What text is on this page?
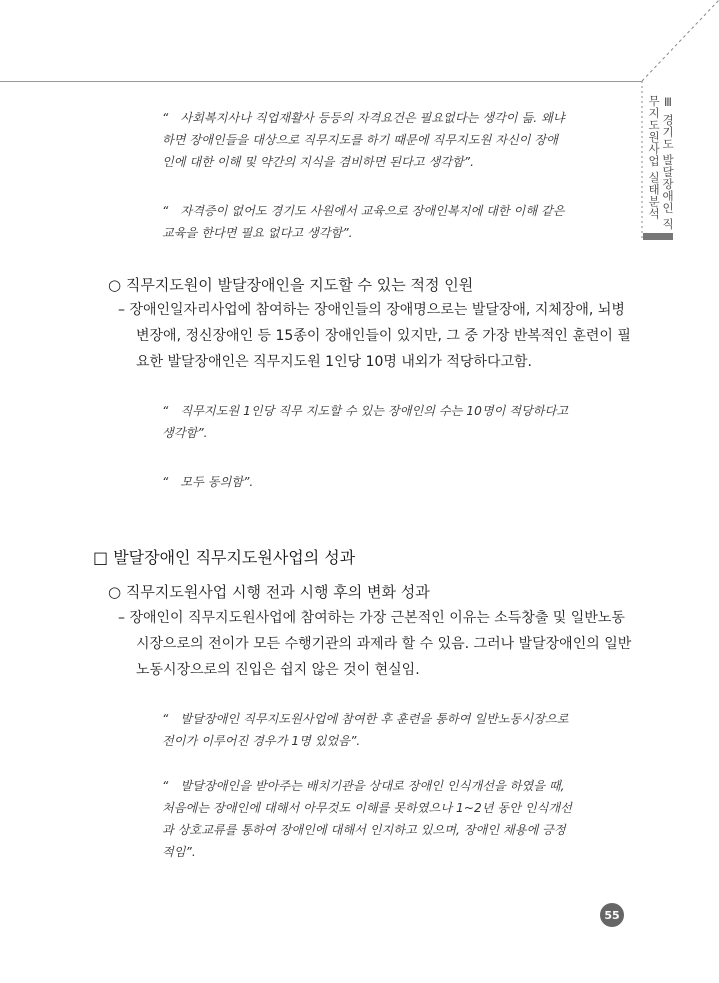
Ⅲ 경기도 발달장애인 직무지도원사업 실태분석

“ 사회복지사나 직업재활사 등등의 자격요건은 필요없다는 생각이 듦. 왜냐

하면 장애인들을 대상으로 직무지도를 하기 때문에 직무지도원 자신이 장애

인에 대한 이해 및 약간의 지식을 겸비하면 된다고 생각함”.

“ 자격증이 없어도 경기도 사원에서 교육으로 장애인복지에 대한 이해 같은

교육을 한다면 필요 없다고 생각함”.

○ 직무지도원이 발달장애인을 지도할 수 있는 적정 인원
– 장애인일자리사업에 참여하는 장애인들의 장애명으로는 발달장애, 지체장애, 뇌병
변장애, 정신장애인 등 15종이 장애인들이 있지만, 그 중 가장 반복적인 훈련이 필
요한 발달장애인은 직무지도원 1인당 10명 내외가 적당하다고함.

“ 직무지도원 1인당 직무 지도할 수 있는 장애인의 수는 10명이 적당하다고

생각함”.

“ 모두 동의함”.

□ 발달장애인 직무지도원사업의 성과
○ 직무지도원사업 시행 전과 시행 후의 변화 성과
– 장애인이 직무지도원사업에 참여하는 가장 근본적인 이유는 소득창출 및 일반노동
시장으로의 전이가 모든 수행기관의 과제라 할 수 있음. 그러나 발달장애인의 일반
노동시장으로의 진입은 쉽지 않은 것이 현실임.

“ 발달장애인 직무지도원사업에 참여한 후 훈련을 통하여 일반노동시장으로

전이가 이루어진 경우가 1명 있었음”.

“ 발달장애인을 받아주는 배치기관을 상대로 장애인 인식개선을 하였을 때,

처음에는 장애인에 대해서 아무것도 이해를 못하였으나 1~2년 동안 인식개선

과 상호교류를 통하여 장애인에 대해서 인지하고 있으며, 장애인 채용에 긍정

적임”.

55
